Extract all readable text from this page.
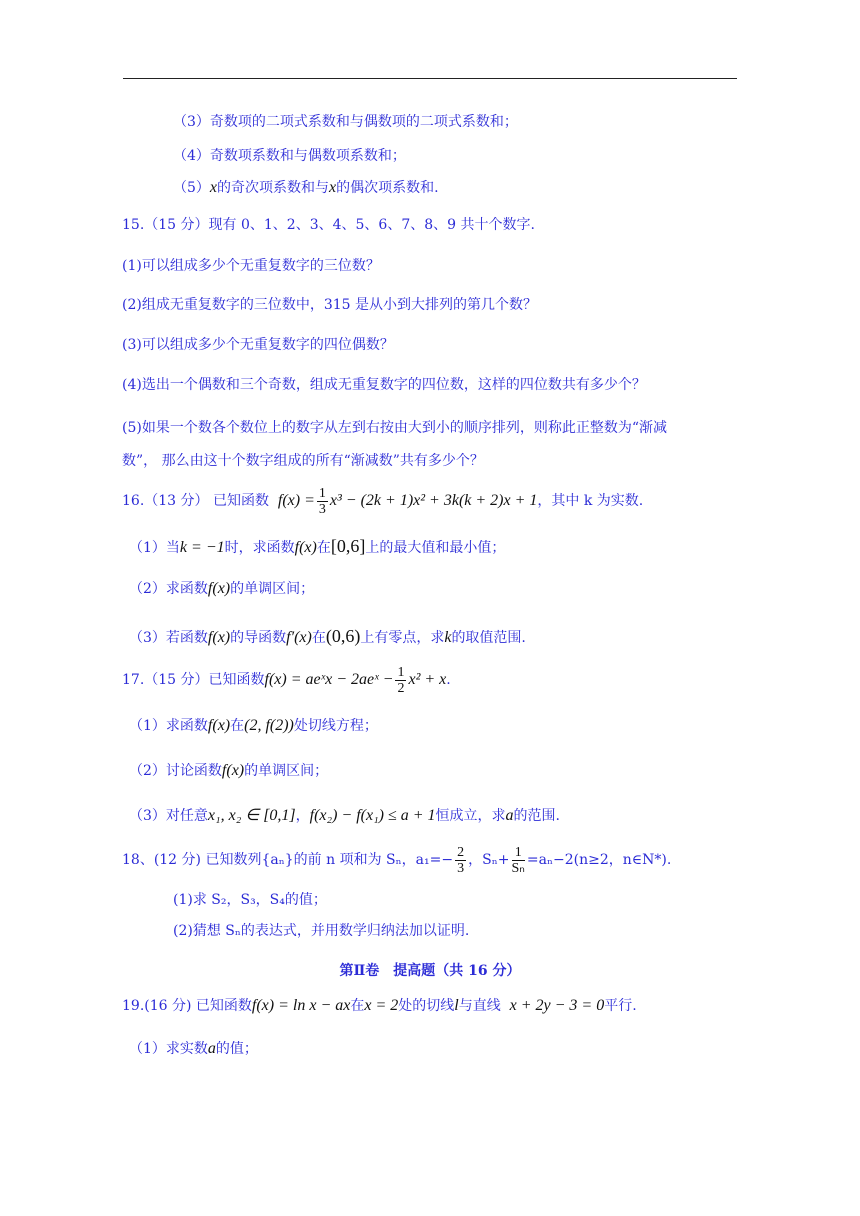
（3）奇数项的二项式系数和与偶数项的二项式系数和；
（4）奇数项系数和与偶数项系数和；
（5）x的奇次项系数和与x的偶次项系数和.
15.（15 分）现有 0、1、2、3、4、5、6、7、8、9 共十个数字.
(1)可以组成多少个无重复数字的三位数？
(2)组成无重复数字的三位数中，315 是从小到大排列的第几个数？
(3)可以组成多少个无重复数字的四位偶数？
(4)选出一个偶数和三个奇数，组成无重复数字的四位数，这样的四位数共有多少个？
(5)如果一个数各个数位上的数字从左到右按由大到小的顺序排列，则称此正整数为“渐减
数”， 那么由这十个数字组成的所有“渐减数”共有多少个？
16.（13 分） 已知函数 $f(x) = \frac{1}{3} x^3 - (2k + 1)x^2 + 3k(k + 2)x + 1$，其中 k 为实数.
（1）当k = −1时，求函数f(x)在[0,6]上的最大值和最小值；
（2）求函数f(x)的单调区间；
（3）若函数f(x)的导函数f′(x)在(0,6)上有零点，求k的取值范围.
17.（15 分）已知函数f(x) = aeˣx − 2aeˣ − $\frac{1}{2} x^2 + x$.
（1）求函数f(x)在(2, f(2))处切线方程；
（2）讨论函数f(x)的单调区间；
（3）对任意x₁, x₂ ∈ [0,1]，f(x₂) − f(x₁) ≤ a + 1恒成立，求a的范围.
18、(12 分) 已知数列{aₙ}的前 n 项和为 Sₙ，$a_1=- \frac{2}{3}$ ，$S_n+ \frac{1}{\text{Sₙ}} =a_n-2(n\ge 2$，n∈N*).
(1)求 S₂，S₃，S₄的值；
(2)猜想 Sₙ的表达式，并用数学归纳法加以证明.
第Ⅱ卷　提高题（共 16 分）
19.(16 分) 已知函数f(x) = ln x − ax在x = 2处的切线l与直线 x + 2y − 3 = 0平行.
（1）求实数a的值；
